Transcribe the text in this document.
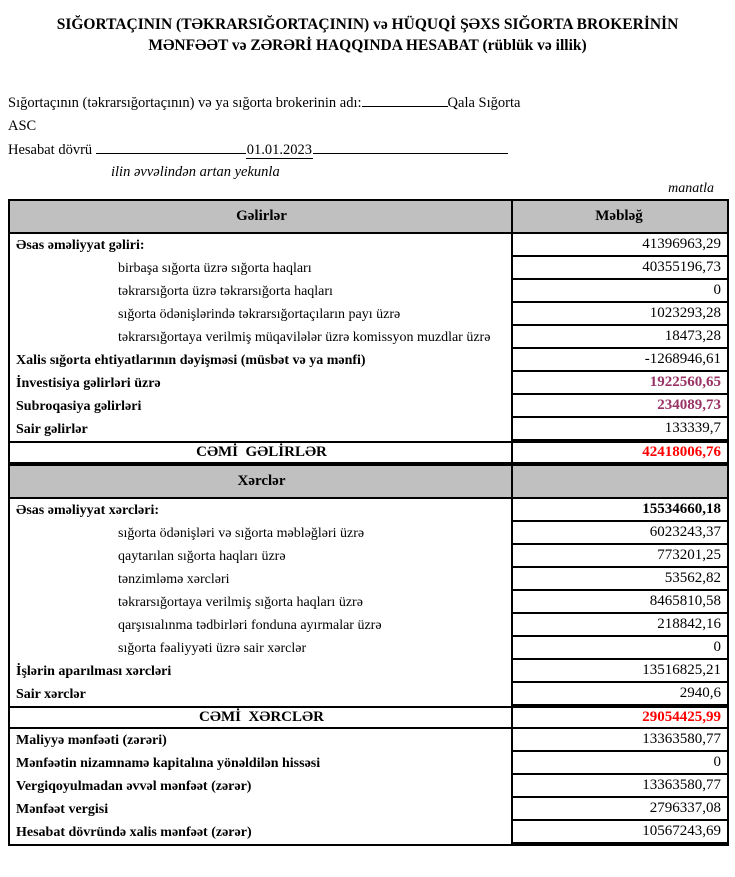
SIĞORTAÇININ (TƏKRARSIĞORTAÇININ) və HÜQUQİ ŞƏXS SIĞORTA BROKERİNİN
MƏNFƏƏT və ZƏRƏRİ HAQQINDA HESABAT (rüblük və illik)
Sığortaçının (təkrarsığortaçının) və ya sığorta brokerinin adı:	Qala Sığorta
ASC
Hesabat dövrü	01.01.2023
ilin əvvəlindən artan yekunla
manatla
Gəlirlər	Məbləğ
Əsas əməliyyat gəliri:	41396963,29
birbaşa sığorta üzrə sığorta haqları	40355196,73
təkrarsığorta üzrə təkrarsığorta haqları	0
sığorta ödənişlərində təkrarsığortaçıların payı üzrə	1023293,28
təkrarsığortaya verilmiş müqavilələr üzrə komissyon muzdlar üzrə	18473,28
Xalis sığorta ehtiyatlarının dəyişməsi (müsbət və ya mənfi)	-1268946,61
İnvestisiya gəlirləri üzrə	1922560,65
Subroqasiya gəlirləri	234089,73
Sair gəlirlər	133339,7
CƏMİ  GƏLİRLƏR	42418006,76
Xərclər
Əsas əməliyyat xərcləri:	15534660,18
sığorta ödənişləri və sığorta məbləğləri üzrə	6023243,37
qaytarılan sığorta haqları üzrə	773201,25
tənzimləmə xərcləri	53562,82
təkrarsığortaya verilmiş sığorta haqları üzrə	8465810,58
qarşısıalınma tədbirləri fonduna ayırmalar üzrə	218842,16
sığorta fəaliyyəti üzrə sair xərclər	0
İşlərin aparılması xərcləri	13516825,21
Sair xərclər	2940,6
CƏMİ  XƏRCLƏR	29054425,99
Maliyyə mənfəəti (zərəri)	13363580,77
Mənfəətin nizamnamə kapitalına yönəldilən hissəsi	0
Vergiqoyulmadan əvvəl mənfəət (zərər)	13363580,77
Mənfəət vergisi	2796337,08
Hesabat dövründə xalis mənfəət (zərər)	10567243,69
